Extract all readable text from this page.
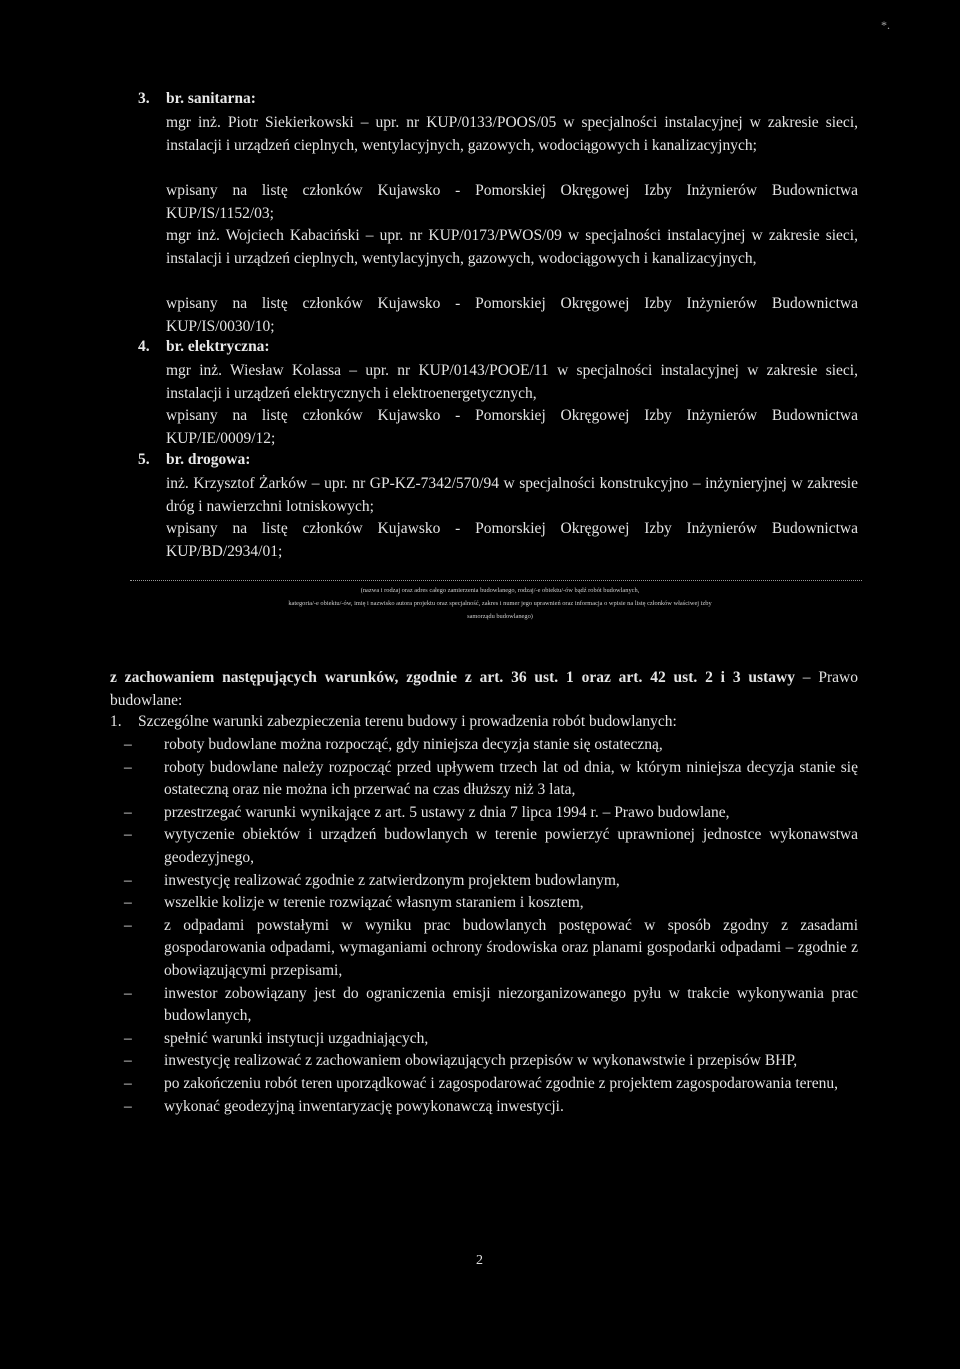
*.
3. br. sanitarna:
mgr inż. Piotr Siekierkowski – upr. nr KUP/0133/POOS/05 w specjalności instalacyjnej w zakresie sieci, instalacji i urządzeń cieplnych, wentylacyjnych, gazowych, wodociągowych i kanalizacyjnych;
wpisany na listę członków Kujawsko - Pomorskiej Okręgowej Izby Inżynierów Budownictwa KUP/IS/1152/03;
mgr inż. Wojciech Kabaciński – upr. nr KUP/0173/PWOS/09 w specjalności instalacyjnej w zakresie sieci, instalacji i urządzeń cieplnych, wentylacyjnych, gazowych, wodociągowych i kanalizacyjnych,
wpisany na listę członków Kujawsko - Pomorskiej Okręgowej Izby Inżynierów Budownictwa KUP/IS/0030/10;
4. br. elektryczna:
mgr inż. Wiesław Kolassa – upr. nr KUP/0143/POOE/11 w specjalności instalacyjnej w zakresie sieci, instalacji i urządzeń elektrycznych i elektroenergetycznych,
wpisany na listę członków Kujawsko - Pomorskiej Okręgowej Izby Inżynierów Budownictwa KUP/IE/0009/12;
5. br. drogowa:
inż. Krzysztof Żarków – upr. nr GP-KZ-7342/570/94 w specjalności konstrukcyjno – inżynieryjnej w zakresie dróg i nawierzchni lotniskowych;
wpisany na listę członków Kujawsko - Pomorskiej Okręgowej Izby Inżynierów Budownictwa KUP/BD/2934/01;
(nazwa i rodzaj oraz adres całego zamierzenia budowlanego, rodzaj/-e obiektu/-ów bądź robót budowlanych,
kategoria/-e obiektu/-ów, imię i nazwisko autora projektu oraz specjalność, zakres i numer jego uprawnień oraz informacja o wpisie na listę członków właściwej izby
samorządu budowlanego)
z zachowaniem następujących warunków, zgodnie z art. 36 ust. 1 oraz art. 42 ust. 2 i 3 ustawy – Prawo budowlane:
1. Szczególne warunki zabezpieczenia terenu budowy i prowadzenia robót budowlanych:
– roboty budowlane można rozpocząć, gdy niniejsza decyzja stanie się ostateczną,
– roboty budowlane należy rozpocząć przed upływem trzech lat od dnia, w którym niniejsza decyzja stanie się ostateczną oraz nie można ich przerwać na czas dłuższy niż 3 lata,
– przestrzegać warunki wynikające z art. 5 ustawy z dnia 7 lipca 1994 r. – Prawo budowlane,
– wytyczenie obiektów i urządzeń budowlanych w terenie powierzyć uprawnionej jednostce wykonawstwa geodezyjnego,
– inwestycję realizować zgodnie z zatwierdzonym projektem budowlanym,
– wszelkie kolizje w terenie rozwiązać własnym staraniem i kosztem,
– z odpadami powstałymi w wyniku prac budowlanych postępować w sposób zgodny z zasadami gospodarowania odpadami, wymaganiami ochrony środowiska oraz planami gospodarki odpadami – zgodnie z obowiązującymi przepisami,
– inwestor zobowiązany jest do ograniczenia emisji niezorganizowanego pyłu w trakcie wykonywania prac budowlanych,
– spełnić warunki instytucji uzgadniających,
– inwestycję realizować z zachowaniem obowiązujących przepisów w wykonawstwie i przepisów BHP,
– po zakończeniu robót teren uporządkować i zagospodarować zgodnie z projektem zagospodarowania terenu,
– wykonać geodezyjną inwentaryzację powykonawczą inwestycji.
2
